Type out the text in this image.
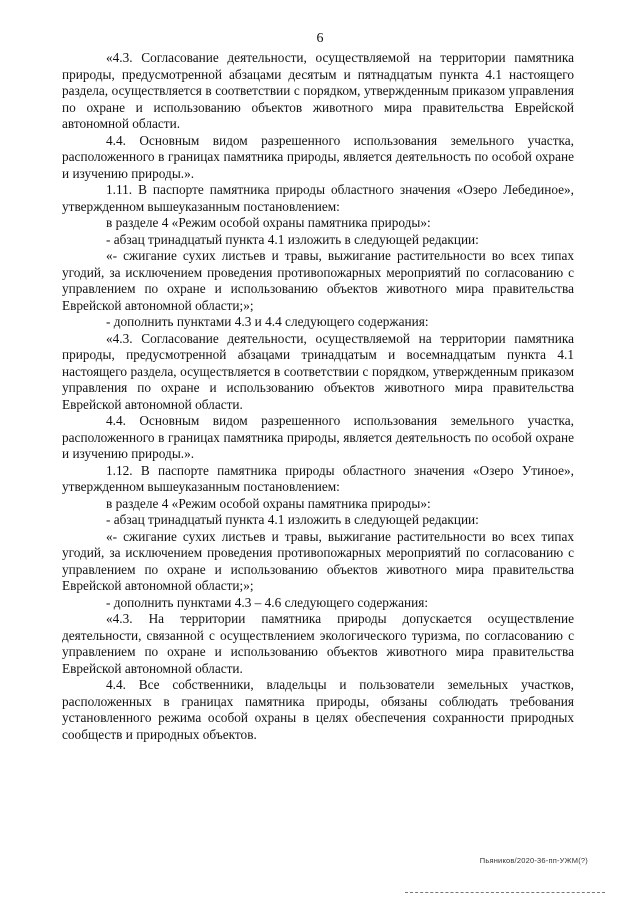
6

«4.3. Согласование деятельности, осуществляемой на территории памятника природы, предусмотренной абзацами десятым и пятнадцатым пункта 4.1 настоящего раздела, осуществляется в соответствии с порядком, утвержденным приказом управления по охране и использованию объектов животного мира правительства Еврейской автономной области.

4.4. Основным видом разрешенного использования земельного участка, расположенного в границах памятника природы, является деятельность по особой охране и изучению природы.».

1.11. В паспорте памятника природы областного значения «Озеро Лебединое», утвержденном вышеуказанным постановлением:

в разделе 4 «Режим особой охраны памятника природы»:

- абзац тринадцатый пункта 4.1 изложить в следующей редакции:

«- сжигание сухих листьев и травы, выжигание растительности во всех типах угодий, за исключением проведения противопожарных мероприятий по согласованию с управлением по охране и использованию объектов животного мира правительства Еврейской автономной области;»;

- дополнить пунктами 4.3 и 4.4 следующего содержания:

«4.3. Согласование деятельности, осуществляемой на территории памятника природы, предусмотренной абзацами тринадцатым и восемнадцатым пункта 4.1 настоящего раздела, осуществляется в соответствии с порядком, утвержденным приказом управления по охране и использованию объектов животного мира правительства Еврейской автономной области.

4.4. Основным видом разрешенного использования земельного участка, расположенного в границах памятника природы, является деятельность по особой охране и изучению природы.».

1.12. В паспорте памятника природы областного значения «Озеро Утиное», утвержденном вышеуказанным постановлением:

в разделе 4 «Режим особой охраны памятника природы»:

- абзац тринадцатый пункта 4.1 изложить в следующей редакции:

«- сжигание сухих листьев и травы, выжигание растительности во всех типах угодий, за исключением проведения противопожарных мероприятий по согласованию с управлением по охране и использованию объектов животного мира правительства Еврейской автономной области;»;

- дополнить пунктами 4.3 – 4.6 следующего содержания:

«4.3. На территории памятника природы допускается осуществление деятельности, связанной с осуществлением экологического туризма, по согласованию с управлением по охране и использованию объектов животного мира правительства Еврейской автономной области.

4.4. Все собственники, владельцы и пользователи земельных участков, расположенных в границах памятника природы, обязаны соблюдать требования установленного режима особой охраны в целях обеспечения сохранности природных сообществ и природных объектов.

Пьяников/2020-36-пп-УЖМ(?)
